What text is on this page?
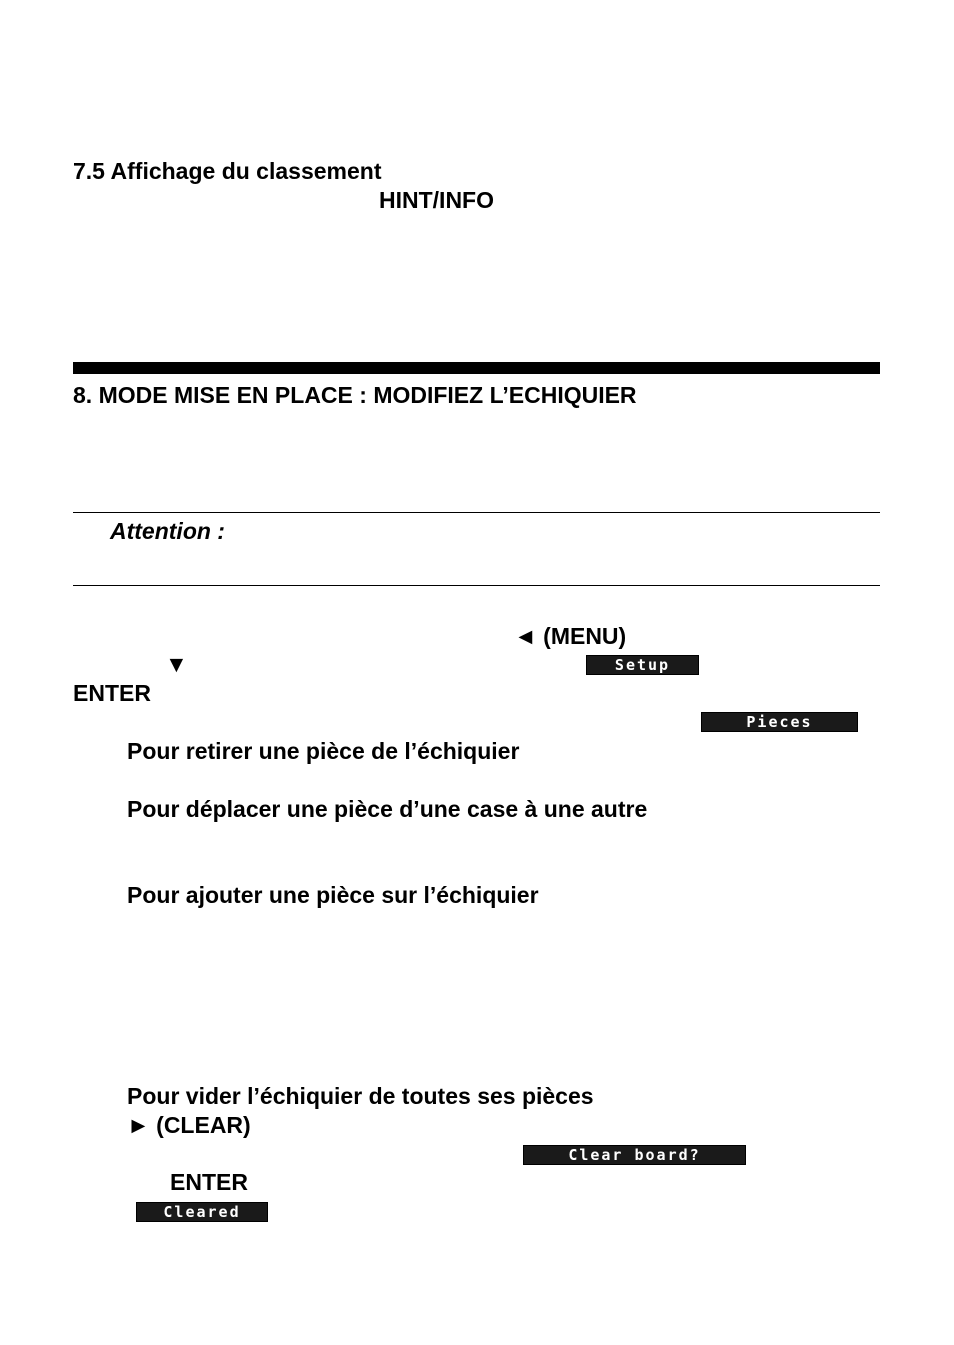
7.5 Affichage du classement
HINT/INFO
8. MODE MISE EN PLACE : MODIFIEZ L’ECHIQUIER
Attention :
◄ (MENU)
▼	Setup
ENTER
Pieces
Pour retirer une pièce de l’échiquier
Pour déplacer une pièce d’une case à une autre
Pour ajouter une pièce sur l’échiquier
Pour vider l’échiquier de toutes ses pièces
► (CLEAR)
Clear board?
ENTER
Cleared
